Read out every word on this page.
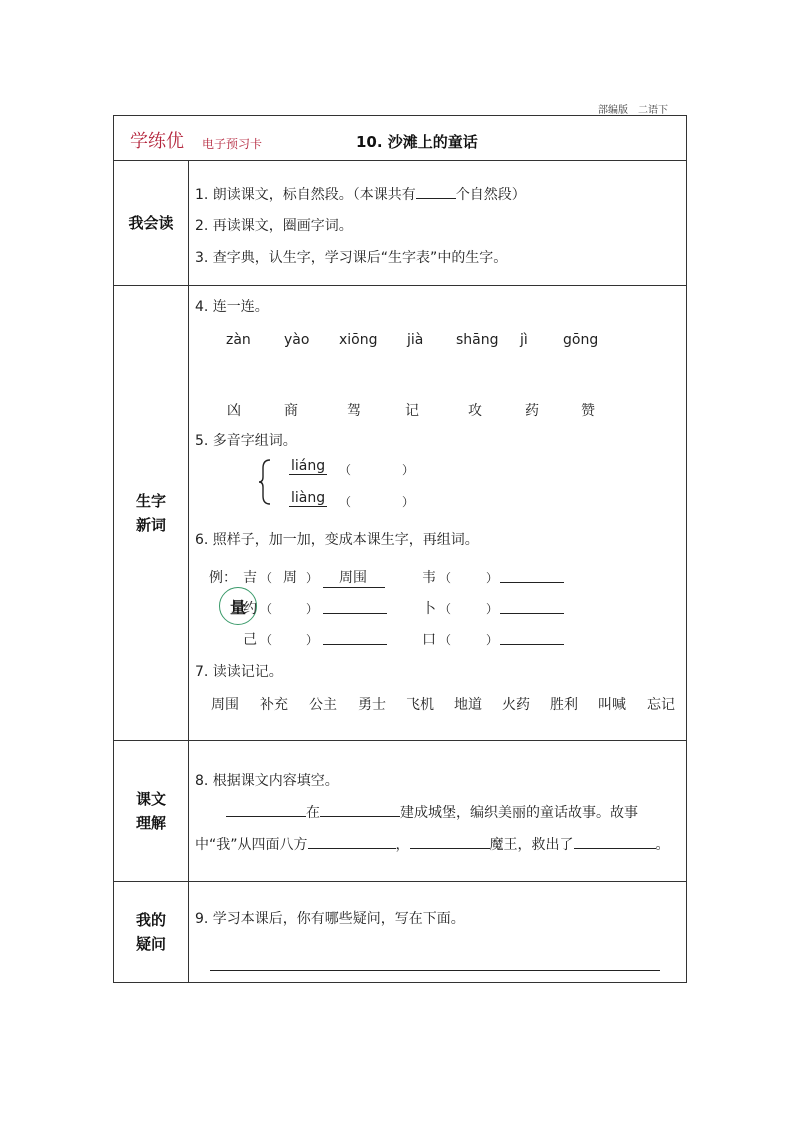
部编版 二语下
学练优 电子预习卡	10. 沙滩上的童话
我会读
1. 朗读课文，标自然段。（本课共有	个自然段）
2. 再读课文，圈画字词。
3. 查字典，认生字，学习课后“生字表”中的生字。
生字
新词
4. 连一连。
zàn yào xiōng jià shāng jì	gōng
凶	商	驾	记	攻	药	赞
5. 多音字组词。
量
liáng （	）
liàng （	）
6. 照样子，加一加，变成本课生字，再组词。
例： 吉 （ 周 ）	周围	韦 （	）
约 （	）	卜 （	）
己 （	）	口 （	）
7. 读读记记。
周围 补充 公主 勇士 飞机 地道 火药 胜利 叫喊 忘记
课文
理解
8. 根据课文内容填空。
在	建成城堡，编织美丽的童话故事。故事
中“我”从四面八方	，	魔王，救出了	。
我的
疑问
9. 学习本课后，你有哪些疑问，写在下面。
